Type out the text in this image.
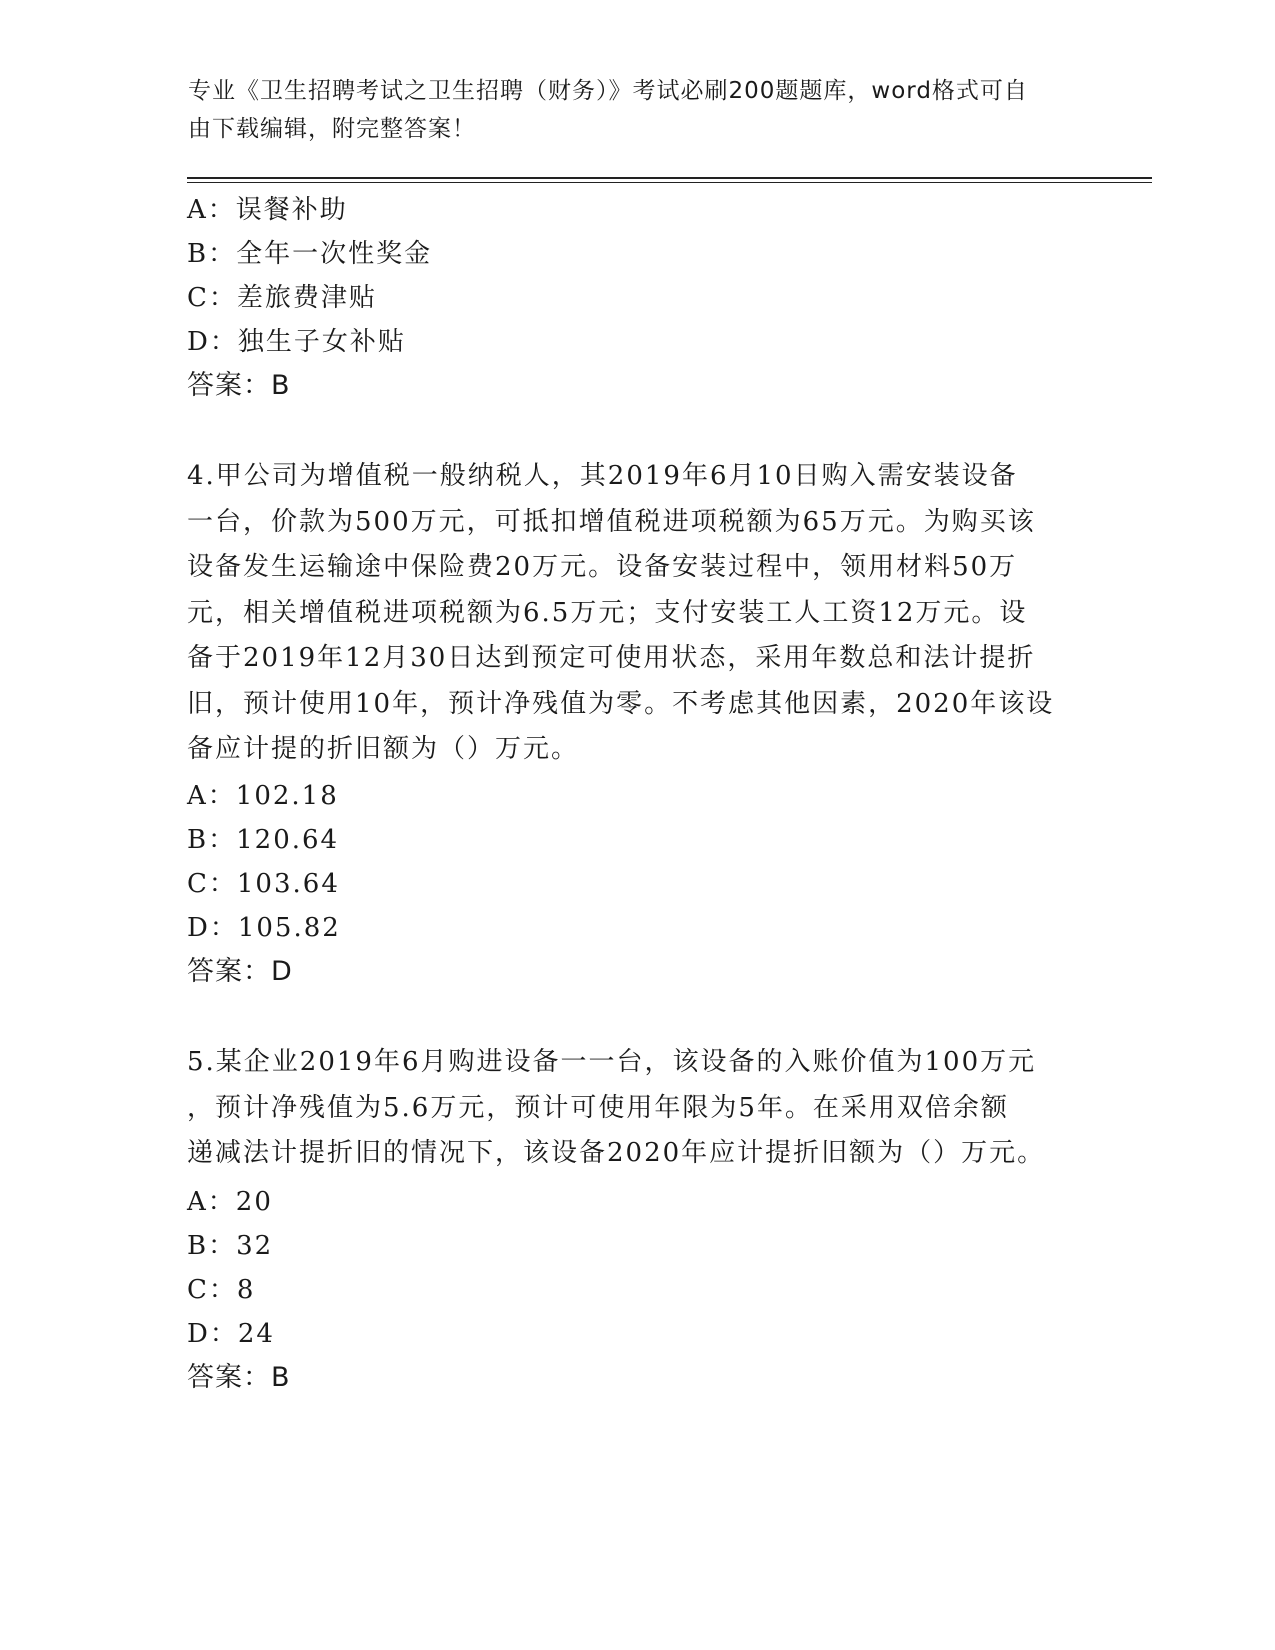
专业《卫生招聘考试之卫生招聘（财务）》考试必刷200题题库，word格式可自
由下载编辑，附完整答案！
A：误餐补助
B：全年一次性奖金
C：差旅费津贴
D：独生子女补贴
答案：B
4.甲公司为增值税一般纳税人，其2019年6月10日购入需安装设备
一台，价款为500万元，可抵扣增值税进项税额为65万元。为购买该
设备发生运输途中保险费20万元。设备安装过程中，领用材料50万
元，相关增值税进项税额为6.5万元；支付安装工人工资12万元。设
备于2019年12月30日达到预定可使用状态，采用年数总和法计提折
旧，预计使用10年，预计净残值为零。不考虑其他因素，2020年该设
备应计提的折旧额为（）万元。
A：102.18
B：120.64
C：103.64
D：105.82
答案：D
5.某企业2019年6月购进设备一一台，该设备的入账价值为100万元
，预计净残值为5.6万元，预计可使用年限为5年。在采用双倍余额
递减法计提折旧的情况下，该设备2020年应计提折旧额为（）万元。
A：20
B：32
C：8
D：24
答案：B
